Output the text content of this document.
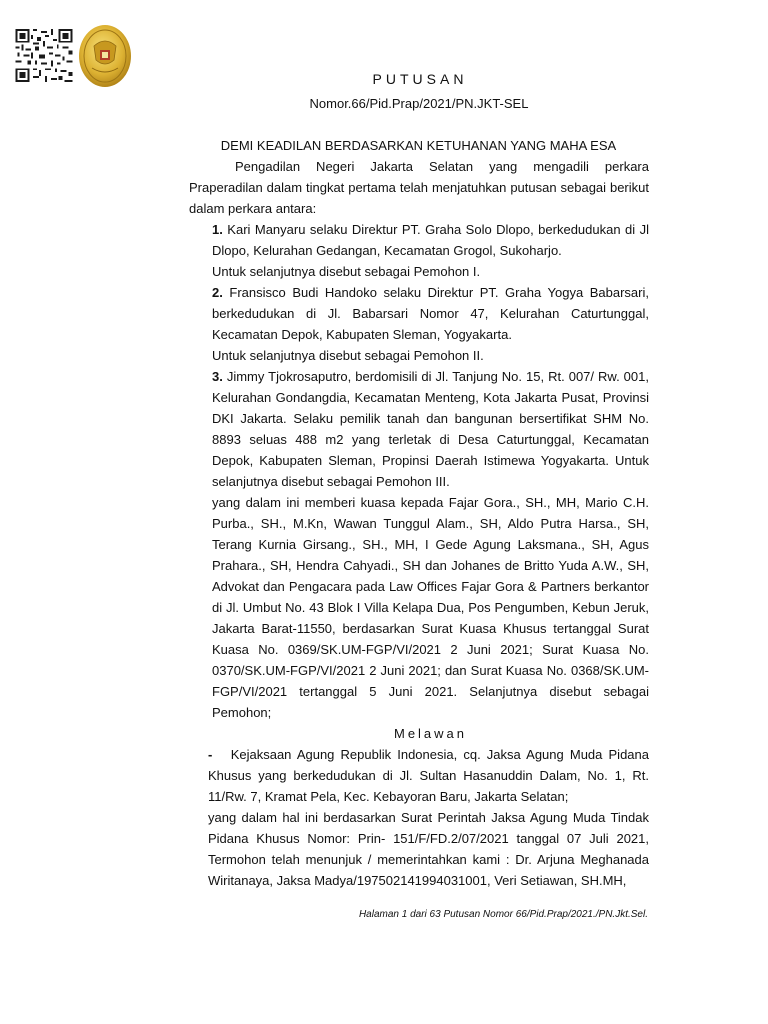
PUTUSAN
Nomor.66/Pid.Prap/2021/PN.JKT-SEL
DEMI KEADILAN BERDASARKAN KETUHANAN YANG MAHA ESA

Pengadilan Negeri Jakarta Selatan yang mengadili perkara Praperadilan dalam tingkat pertama telah menjatuhkan putusan sebagai berikut dalam perkara antara:

1. Kari Manyaru selaku Direktur PT. Graha Solo Dlopo, berkedudukan di Jl Dlopo, Kelurahan Gedangan, Kecamatan Grogol, Sukoharjo.

Untuk selanjutnya disebut sebagai Pemohon I.

2. Fransisco Budi Handoko selaku Direktur PT. Graha Yogya Babarsari, berkedudukan di Jl. Babarsari Nomor 47, Kelurahan Caturtunggal, Kecamatan Depok, Kabupaten Sleman, Yogyakarta.

Untuk selanjutnya disebut sebagai Pemohon II.

3. Jimmy Tjokrosaputro, berdomisili di Jl. Tanjung No. 15, Rt. 007/ Rw. 001, Kelurahan Gondangdia, Kecamatan Menteng, Kota Jakarta Pusat, Provinsi DKI Jakarta. Selaku pemilik tanah dan bangunan bersertifikat SHM No. 8893 seluas 488 m2 yang terletak di Desa Caturtunggal, Kecamatan Depok, Kabupaten Sleman, Propinsi Daerah Istimewa Yogyakarta. Untuk selanjutnya disebut sebagai Pemohon III.

yang dalam ini memberi kuasa kepada Fajar Gora., SH., MH, Mario C.H. Purba., SH., M.Kn, Wawan Tunggul Alam., SH, Aldo Putra Harsa., SH, Terang Kurnia Girsang., SH., MH, I Gede Agung Laksmana., SH, Agus Prahara., SH, Hendra Cahyadi., SH dan Johanes de Britto Yuda A.W., SH, Advokat dan Pengacara pada Law Offices Fajar Gora & Partners berkantor di Jl. Umbut No. 43 Blok I Villa Kelapa Dua, Pos Pengumben, Kebun Jeruk, Jakarta Barat-11550, berdasarkan Surat Kuasa Khusus tertanggal Surat Kuasa No. 0369/SK.UM-FGP/VI/2021 2 Juni 2021; Surat Kuasa No. 0370/SK.UM-FGP/VI/2021 2 Juni 2021; dan Surat Kuasa No. 0368/SK.UM-FGP/VI/2021 tertanggal 5 Juni 2021. Selanjutnya disebut sebagai Pemohon;

Melawan

- Kejaksaan Agung Republik Indonesia, cq. Jaksa Agung Muda Pidana Khusus yang berkedudukan di Jl. Sultan Hasanuddin Dalam, No. 1, Rt. 11/Rw. 7, Kramat Pela, Kec. Kebayoran Baru, Jakarta Selatan;

yang dalam hal ini berdasarkan Surat Perintah Jaksa Agung Muda Tindak Pidana Khusus Nomor: Prin- 151/F/FD.2/07/2021 tanggal 07 Juli 2021, Termohon telah menunjuk / memerintahkan kami : Dr. Arjuna Meghanada Wiritanaya, Jaksa Madya/197502141994031001, Veri Setiawan, SH.MH,

Halaman 1 dari 63 Putusan Nomor 66/Pid.Prap/2021./PN.Jkt.Sel.
